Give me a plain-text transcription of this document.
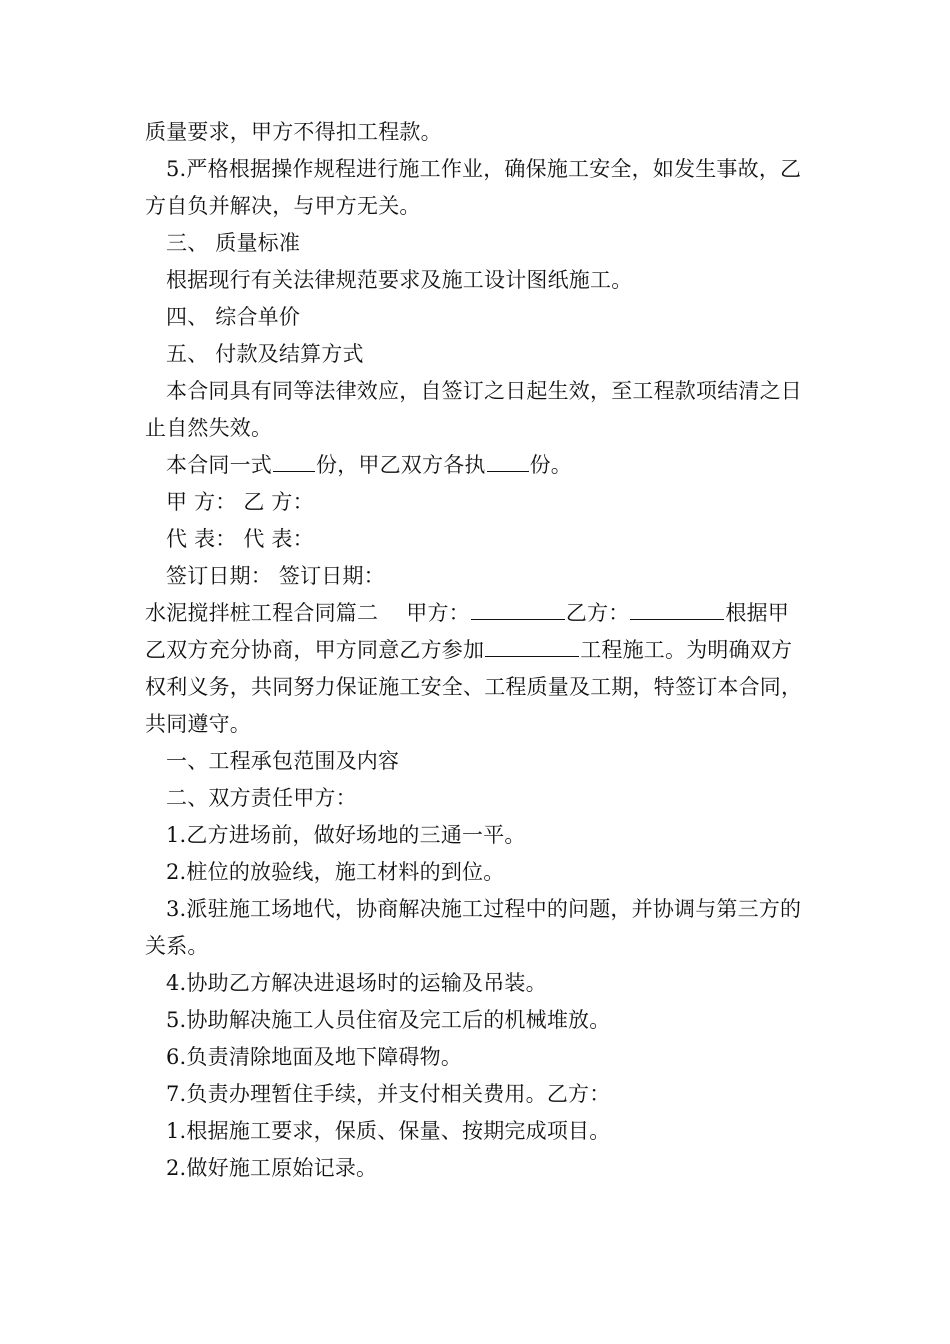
质量要求，甲方不得扣工程款。

5.严格根据操作规程进行施工作业，确保施工安全，如发生事故，乙方自负并解决，与甲方无关。

三、 质量标准

根据现行有关法律规范要求及施工设计图纸施工。

四、 综合单价

五、 付款及结算方式

本合同具有同等法律效应，自签订之日起生效，至工程款项结清之日止自然失效。

本合同一式 份，甲乙双方各执 份。

甲 方： 乙 方：

代 表： 代 表：

签订日期： 签订日期：

水泥搅拌桩工程合同篇二　 甲方：	乙方：	根据甲乙双方充分协商，甲方同意乙方参加	工程施工。为明确双方权利义务，共同努力保证施工安全、工程质量及工期，特签订本合同，共同遵守。

一、工程承包范围及内容

二、双方责任甲方：

1.乙方进场前，做好场地的三通一平。

2.桩位的放验线，施工材料的到位。

3.派驻施工场地代，协商解决施工过程中的问题，并协调与第三方的关系。

4.协助乙方解决进退场时的运输及吊装。

5.协助解决施工人员住宿及完工后的机械堆放。

6.负责清除地面及地下障碍物。

7.负责办理暂住手续，并支付相关费用。乙方：

1.根据施工要求，保质、保量、按期完成项目。

2.做好施工原始记录。
